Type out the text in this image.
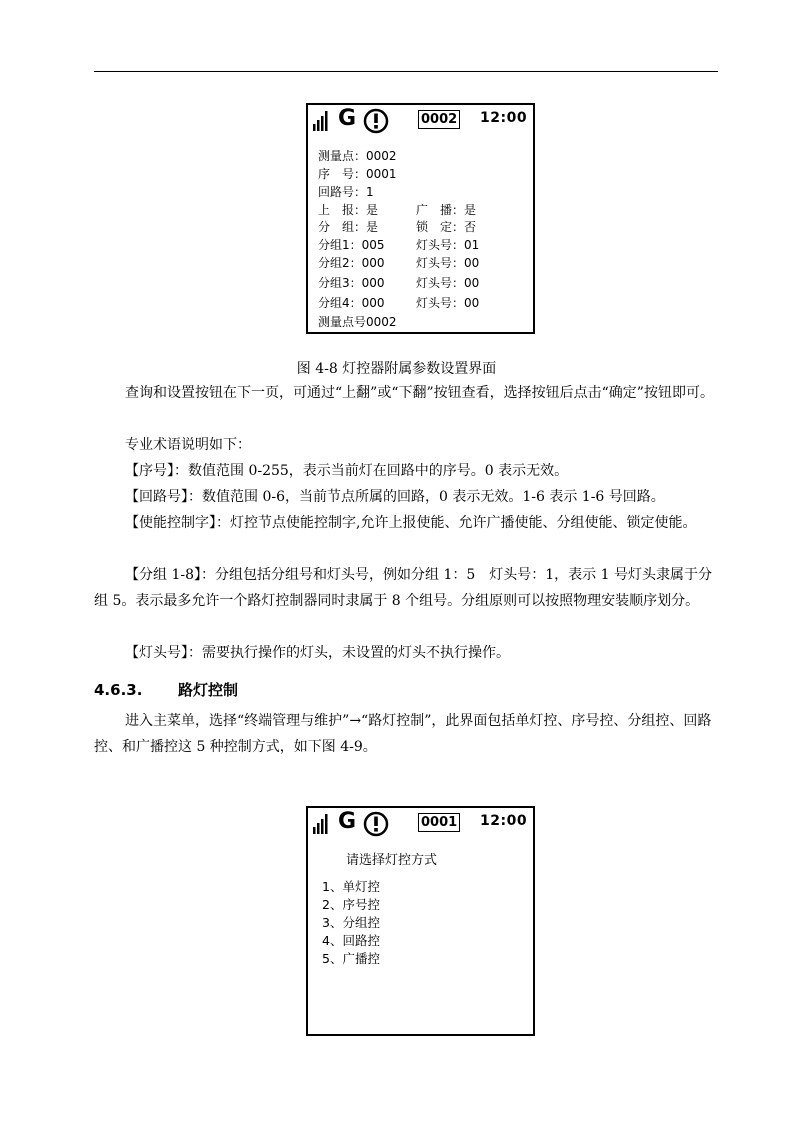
G	0002 12:00
测量点：0002
序　号：0001
回路号：1
上　报：是	广　播：是
分　组：是	锁　定：否
分组1：005	灯头号：01
分组2：000	灯头号：00
分组3：000	灯头号：00
分组4：000	灯头号：00
测量点号0002
图 4-8 灯控器附属参数设置界面

查询和设置按钮在下一页，可通过“上翻”或“下翻”按钮查看，选择按钮后点击“确定”按钮即可。

专业术语说明如下：

【序号】：数值范围 0-255，表示当前灯在回路中的序号。0 表示无效。

【回路号】：数值范围 0-6，当前节点所属的回路，0 表示无效。1-6 表示 1-6 号回路。

【使能控制字】：灯控节点使能控制字,允许上报使能、允许广播使能、分组使能、锁定使能。

【分组 1-8】：分组包括分组号和灯头号，例如分组 1：5　灯头号：1，表示 1 号灯头隶属于分组 5。表示最多允许一个路灯控制器同时隶属于 8 个组号。分组原则可以按照物理安装顺序划分。

【灯头号】：需要执行操作的灯头，未设置的灯头不执行操作。

4.6.3. 路灯控制

进入主菜单，选择“终端管理与维护”→“路灯控制”，此界面包括单灯控、序号控、分组控、回路控、和广播控这 5 种控制方式，如下图 4-9。

G	0001 12:00
请选择灯控方式
1、单灯控
2、序号控
3、分组控
4、回路控
5、广播控
